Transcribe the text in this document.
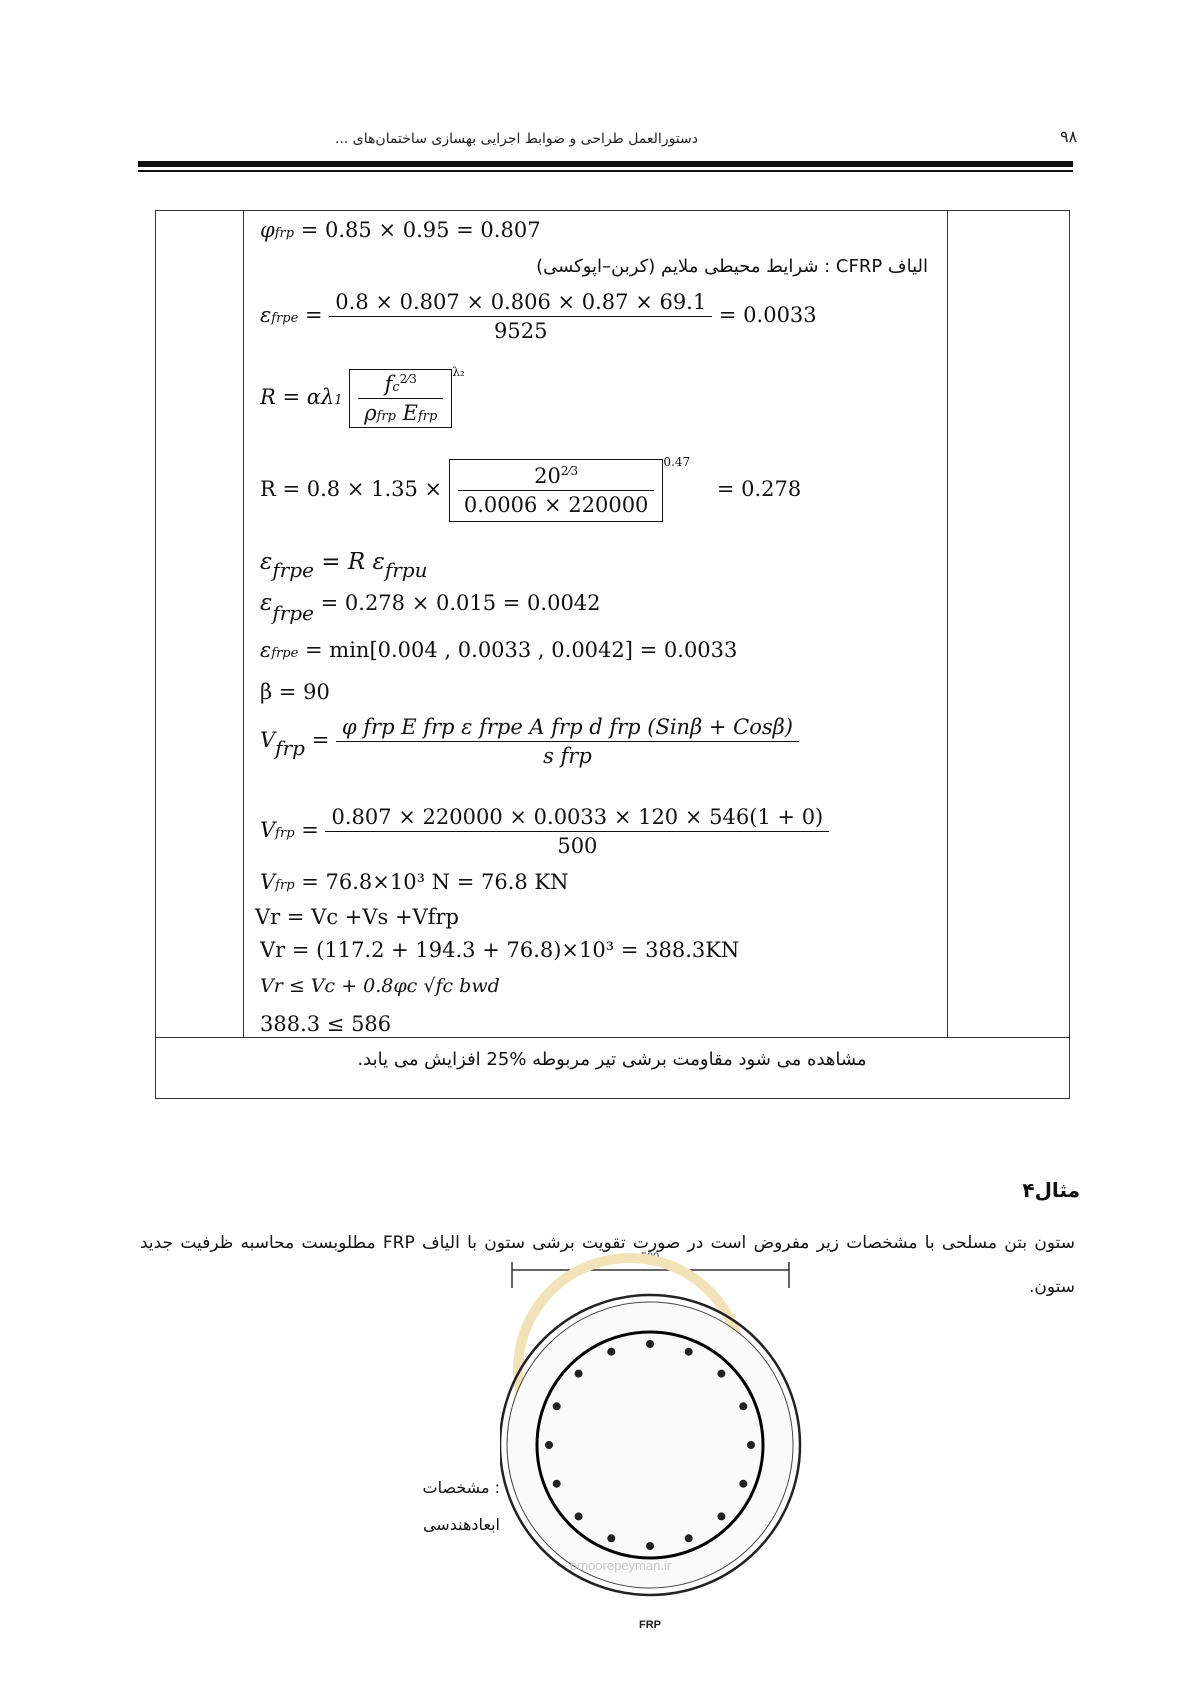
دستورالعمل طراحی و ضوابط اجرایی بهسازی ساختمان‌های ...	۹۸
φfrp = 0.85 × 0.95 = 0.807
الیاف CFRP : شرایط محیطی ملایم (کربن–اپوکسی)
εfrpe = $\frac{0.8 \times 0.807 \times 0.806 \times 0.87 \times 69.1}{9525} = 0.0033$
$R = \alpha\lambda 1 \frac{fc^{2⁄3}}{\text{ρfrp Efrp}} ^{\lambda_2}$
$R = 0.8 \times 1.35 \times \frac{20^{2⁄3}}{0.0006 \times 220000}$
$^{0.47}$    = 0.278
εfrpe = R εfrpu
εfrpe = 0.278 × 0.015 = 0.0042
εfrpe = min[0.004 , 0.0033 , 0.0042] = 0.0033
β = 90
Vfrp = $\frac{\text{φ frp E frp ε frpe A frp d frp (Sinβ + Cosβ)}}{\text{s frp}}$
Vfrp = $\frac{0.807 \times 220000 \times 0.0033 \times 120 \times 546(1 + 0)}{500}$
Vfrp = 76.8×10³ N = 76.8 KN
Vr = Vc +Vs +Vfrp
Vr = (117.2 + 194.3 + 76.8)×10³ = 388.3KN
Vr ≤ Vc + 0.8φc √fc bwd
388.3 ≤ 586
مشاهده می شود مقاومت برشی تیر مربوطه %25 افزایش می یابد.
مثال۴
ستون بتن مسلحی با مشخصات زیر مفروض است در صورت تقویت برشی ستون با الیاف FRP مطلوبست محاسبه ظرفیت جدید ستون.
500
FRP
omoorepeyman.ir
: مشخصات
ابعادهندسی
